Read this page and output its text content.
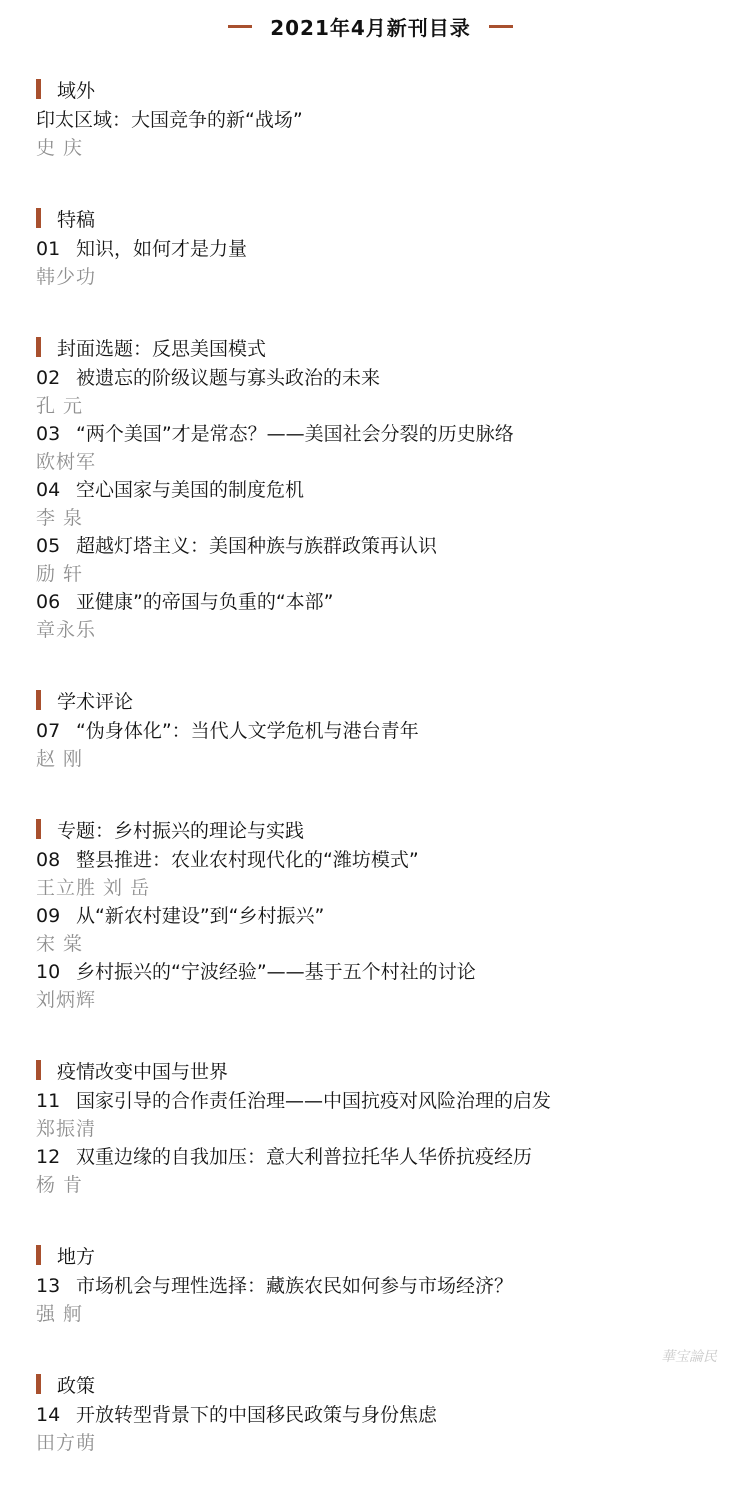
2021年4月新刊目录
域外
印太区域：大国竞争的新“战场”
史 庆
特稿
01 知识，如何才是力量
韩少功
封面选题：反思美国模式
02 被遗忘的阶级议题与寡头政治的未来
孔 元
03 “两个美国”才是常态？——美国社会分裂的历史脉络
欧树军
04 空心国家与美国的制度危机
李 泉
05 超越灯塔主义：美国种族与族群政策再认识
励 轩
06 亚健康”的帝国与负重的“本部”
章永乐
学术评论
07 “伪身体化”：当代人文学危机与港台青年
赵 刚
专题：乡村振兴的理论与实践
08 整县推进：农业农村现代化的“潍坊模式”
王立胜 刘 岳
09 从“新农村建设”到“乡村振兴”
宋 棠
10 乡村振兴的“宁波经验”——基于五个村社的讨论
刘炳辉
疫情改变中国与世界
11 国家引导的合作责任治理——中国抗疫对风险治理的启发
郑振清
12 双重边缘的自我加压：意大利普拉托华人华侨抗疫经历
杨 肯
地方
13 市场机会与理性选择：藏族农民如何参与市场经济？
强 舸
政策
14 开放转型背景下的中国移民政策与身份焦虑
田方萌
華宝論民
